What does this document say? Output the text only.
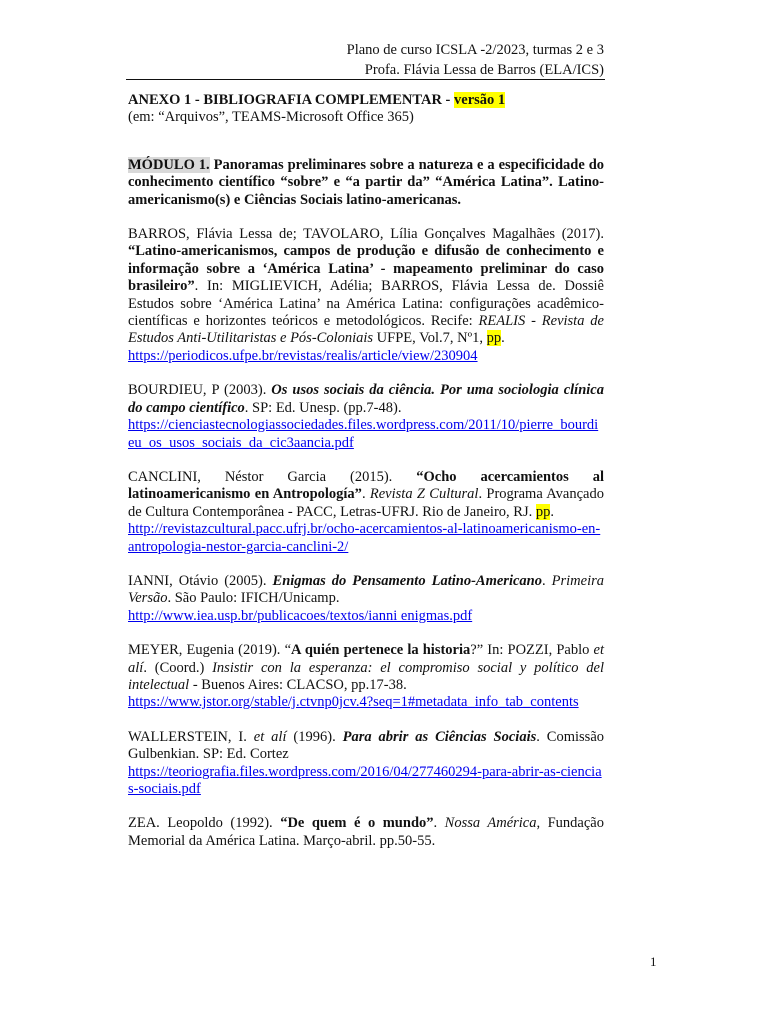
Plano de curso ICSLA -2/2023, turmas 2 e 3
Profa. Flávia Lessa de Barros (ELA/ICS)

ANEXO 1 - BIBLIOGRAFIA COMPLEMENTAR - versão 1

(em: “Arquivos”, TEAMS-Microsoft Office 365)

MÓDULO 1. Panoramas preliminares sobre a natureza e a especificidade do conhecimento científico “sobre” e “a partir da” “América Latina”. Latino-americanismo(s) e Ciências Sociais latino-americanas.

BARROS, Flávia Lessa de; TAVOLARO, Lília Gonçalves Magalhães (2017). “Latino-americanismos, campos de produção e difusão de conhecimento e informação sobre a ‘América Latina’ - mapeamento preliminar do caso brasileiro”. In: MIGLIEVICH, Adélia; BARROS, Flávia Lessa de. Dossiê Estudos sobre ‘América Latina’ na América Latina: configurações acadêmico-científicas e horizontes teóricos e metodológicos. Recife: REALIS - Revista de Estudos Anti-Utilitaristas e Pós-Coloniais UFPE, Vol.7, Nº1, pp.
https://periodicos.ufpe.br/revistas/realis/article/view/230904

BOURDIEU, P (2003). Os usos sociais da ciência. Por uma sociologia clínica do campo científico. SP: Ed. Unesp. (pp.7-48).
https://cienciastecnologiassociedades.files.wordpress.com/2011/10/pierre_bourdieu_os_usos_sociais_da_cic3aancia.pdf

CANCLINI, Néstor Garcia (2015). “Ocho acercamientos al latinoamericanismo en Antropología”. Revista Z Cultural. Programa Avançado de Cultura Contemporânea - PACC, Letras-UFRJ. Rio de Janeiro, RJ. pp.
http://revistazcultural.pacc.ufrj.br/ocho-acercamientos-al-latinoamericanismo-en-antropologia-nestor-garcia-canclini-2/

IANNI, Otávio (2005). Enigmas do Pensamento Latino-Americano. Primeira Versão. São Paulo: IFICH/Unicamp.
http://www.iea.usp.br/publicacoes/textos/ianni enigmas.pdf

MEYER, Eugenia (2019). “A quién pertenece la historia?” In: POZZI, Pablo et alí. (Coord.) Insistir con la esperanza: el compromiso social y político del intelectual - Buenos Aires: CLACSO, pp.17-38.
https://www.jstor.org/stable/j.ctvnp0jcv.4?seq=1#metadata_info_tab_contents

WALLERSTEIN, I. et alí (1996). Para abrir as Ciências Sociais. Comissão Gulbenkian. SP: Ed. Cortez
https://teoriografia.files.wordpress.com/2016/04/277460294-para-abrir-as-ciencias-sociais.pdf

ZEA. Leopoldo (1992). “De quem é o mundo”. Nossa América, Fundação Memorial da América Latina. Março-abril. pp.50-55.

1
